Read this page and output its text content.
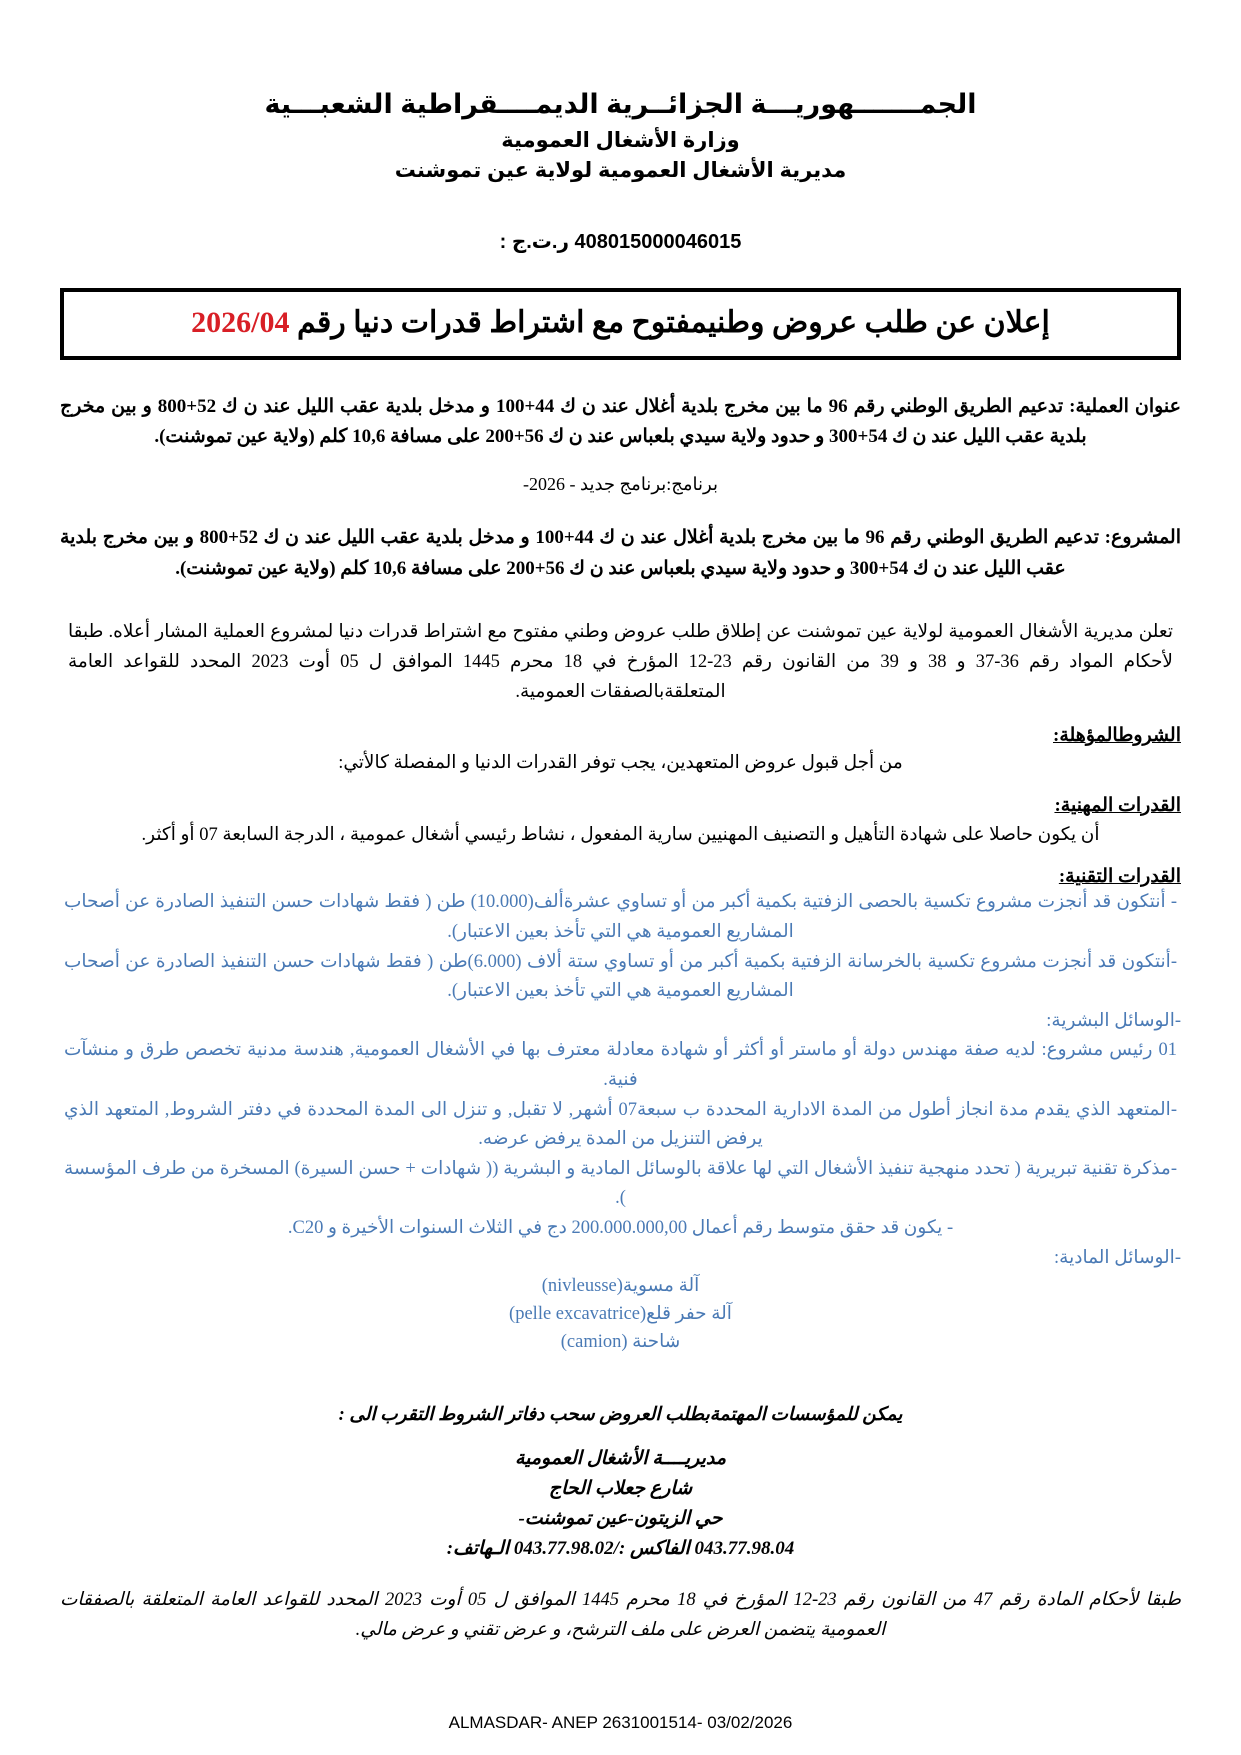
الجمـــــــهوريـــة الجزائــرية الديمــــقراطية الشعبـــية
وزارة الأشغال العمومية
مديرية الأشغال العمومية لولاية عين تموشنت
408015000046015 ر.ت.ج :
إعلان عن طلب عروض وطنيمفتوح مع اشتراط قدرات دنيا رقم 2026/04
عنوان العملية: تدعيم الطريق الوطني رقم 96 ما بين مخرج بلدية أغلال عند ن ك 44+100 و مدخل بلدية عقب الليل عند ن ك 52+800 و بين مخرج بلدية عقب الليل عند ن ك 54+300 و حدود ولاية سيدي بلعباس عند ن ك 56+200 على مسافة 10,6 كلم (ولاية عين تموشنت).
برنامج:برنامج جديد - 2026-
المشروع: تدعيم الطريق الوطني رقم 96 ما بين مخرج بلدية أغلال عند ن ك 44+100 و مدخل بلدية عقب الليل عند ن ك 52+800 و بين مخرج بلدية عقب الليل عند ن ك 54+300 و حدود ولاية سيدي بلعباس عند ن ك 56+200 على مسافة 10,6 كلم (ولاية عين تموشنت).
تعلن مديرية الأشغال العمومية لولاية عين تموشنت عن إطلاق طلب عروض وطني مفتوح مع اشتراط قدرات دنيا لمشروع العملية المشار أعلاه. طبقا لأحكام المواد رقم 36-37 و 38 و 39 من القانون رقم 23-12 المؤرخ في 18 محرم 1445 الموافق ل 05 أوت 2023 المحدد للقواعد العامة المتعلقةبالصفقات العمومية.
الشروطالمؤهلة:
من أجل قبول عروض المتعهدين، يجب توفر القدرات الدنيا و المفصلة كالأتي:
القدرات المهنية:
أن يكون حاصلا على شهادة التأهيل و التصنيف المهنيين سارية المفعول ، نشاط رئيسي أشغال عمومية ، الدرجة السابعة 07 أو أكثر.
القدرات التقنية:

- أنتكون قد أنجزت مشروع تكسية بالحصى الزفتية بكمية أكبر من أو تساوي عشرةألف(10.000) طن ( فقط شهادات حسن التنفيذ الصادرة عن أصحاب المشاريع العمومية هي التي تأخذ بعين الاعتبار).

-أنتكون قد أنجزت مشروع تكسية بالخرسانة الزفتية بكمية أكبر من أو تساوي ستة ألاف (6.000)طن ( فقط شهادات حسن التنفيذ الصادرة عن أصحاب المشاريع العمومية هي التي تأخذ بعين الاعتبار).

-الوسائل البشرية:

01 رئيس مشروع: لديه صفة مهندس دولة أو ماستر أو أكثر أو شهادة معادلة معترف بها في الأشغال العمومية, هندسة مدنية تخصص طرق و منشآت فنية.

-المتعهد الذي يقدم مدة انجاز أطول من المدة الادارية المحددة ب سبعة07 أشهر, لا تقبل, و تنزل الى المدة المحددة في دفتر الشروط, المتعهد الذي يرفض التنزيل من المدة يرفض عرضه.

-مذكرة تقنية تبريرية ( تحدد منهجية تنفيذ الأشغال التي لها علاقة بالوسائل المادية و البشرية (( شهادات + حسن السيرة) المسخرة من طرف المؤسسة ).

- يكون قد حقق متوسط رقم أعمال 200.000.000,00 دج في الثلاث السنوات الأخيرة و C20.

-الوسائل المادية:

آلة مسوية(nivleusse)

آلة حفر قلع(pelle excavatrice)

شاحنة (camion)

يمكن للمؤسسات المهتمةبطلب العروض سحب دفاتر الشروط التقرب الى :
مديريــــة الأشغال العمومية
شارع جعلاب الحاج
حي الزيتون-عين تموشنت-
043.77.98.04 الفاكس :/043.77.98.02 الـهاتف:
طبقا لأحكام المادة رقم 47 من القانون رقم 23-12 المؤرخ في 18 محرم 1445 الموافق ل 05 أوت 2023 المحدد للقواعد العامة المتعلقة بالصفقات العمومية يتضمن العرض على ملف الترشح، و عرض تقني و عرض مالي.
ALMASDAR- ANEP 2631001514- 03/02/2026
